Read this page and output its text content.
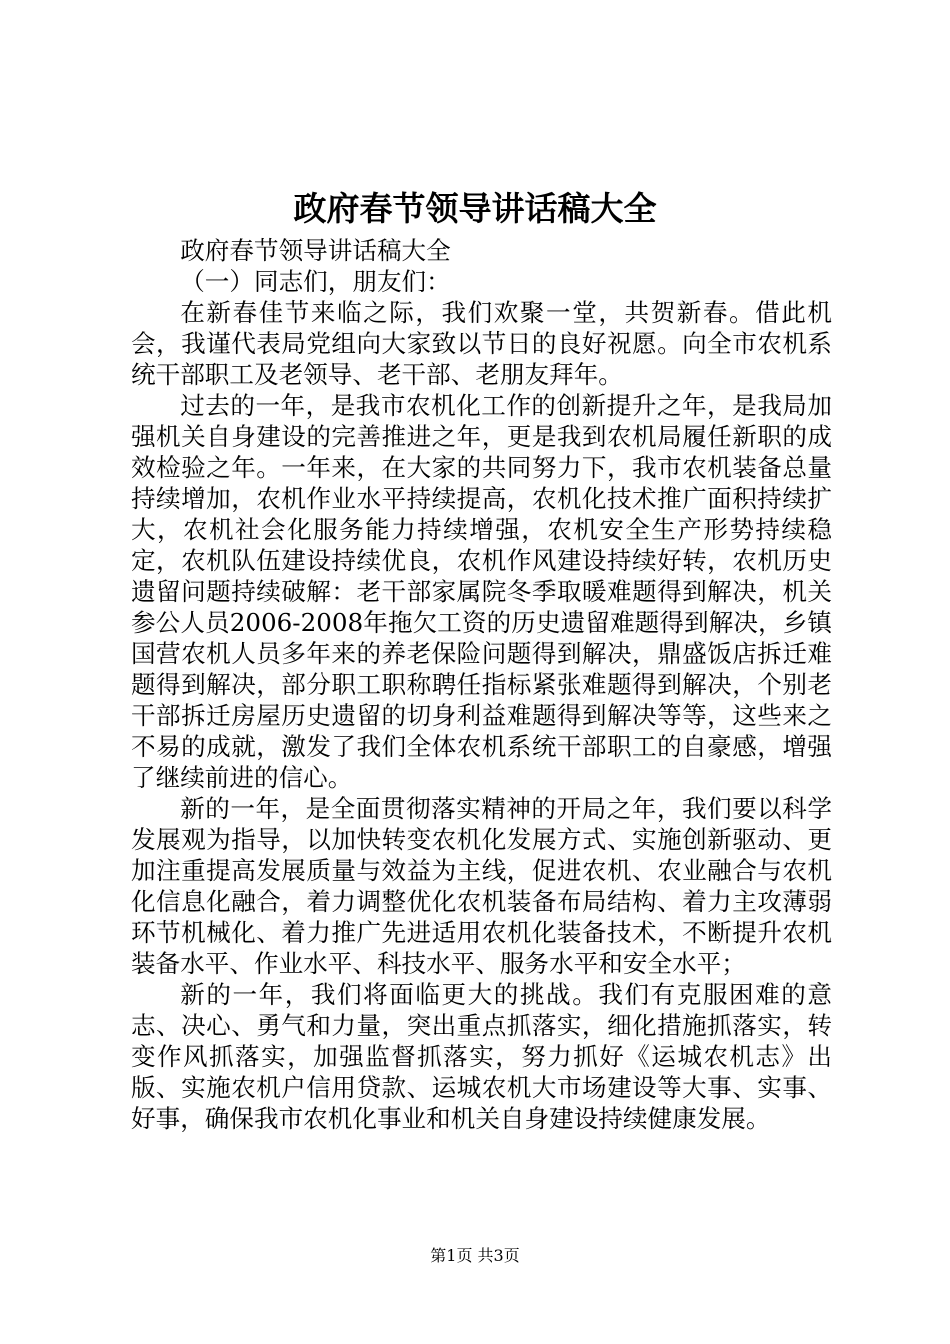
政府春节领导讲话稿大全

政府春节领导讲话稿大全

（一）同志们，朋友们：

在新春佳节来临之际，我们欢聚一堂，共贺新春。借此机会，我谨代表局党组向大家致以节日的良好祝愿。向全市农机系统干部职工及老领导、老干部、老朋友拜年。

过去的一年，是我市农机化工作的创新提升之年，是我局加强机关自身建设的完善推进之年，更是我到农机局履任新职的成效检验之年。一年来，在大家的共同努力下，我市农机装备总量持续增加，农机作业水平持续提高，农机化技术推广面积持续扩大，农机社会化服务能力持续增强，农机安全生产形势持续稳定，农机队伍建设持续优良，农机作风建设持续好转，农机历史遗留问题持续破解：老干部家属院冬季取暖难题得到解决，机关参公人员2006-2008年拖欠工资的历史遗留难题得到解决，乡镇国营农机人员多年来的养老保险问题得到解决，鼎盛饭店拆迁难题得到解决，部分职工职称聘任指标紧张难题得到解决，个别老干部拆迁房屋历史遗留的切身利益难题得到解决等等，这些来之不易的成就，激发了我们全体农机系统干部职工的自豪感，增强了继续前进的信心。

新的一年，是全面贯彻落实精神的开局之年，我们要以科学发展观为指导，以加快转变农机化发展方式、实施创新驱动、更加注重提高发展质量与效益为主线，促进农机、农业融合与农机化信息化融合，着力调整优化农机装备布局结构、着力主攻薄弱环节机械化、着力推广先进适用农机化装备技术，不断提升农机装备水平、作业水平、科技水平、服务水平和安全水平；

新的一年，我们将面临更大的挑战。我们有克服困难的意志、决心、勇气和力量，突出重点抓落实，细化措施抓落实，转变作风抓落实，加强监督抓落实，努力抓好《运城农机志》出版、实施农机户信用贷款、运城农机大市场建设等大事、实事、好事，确保我市农机化事业和机关自身建设持续健康发展。

第1页 共3页
